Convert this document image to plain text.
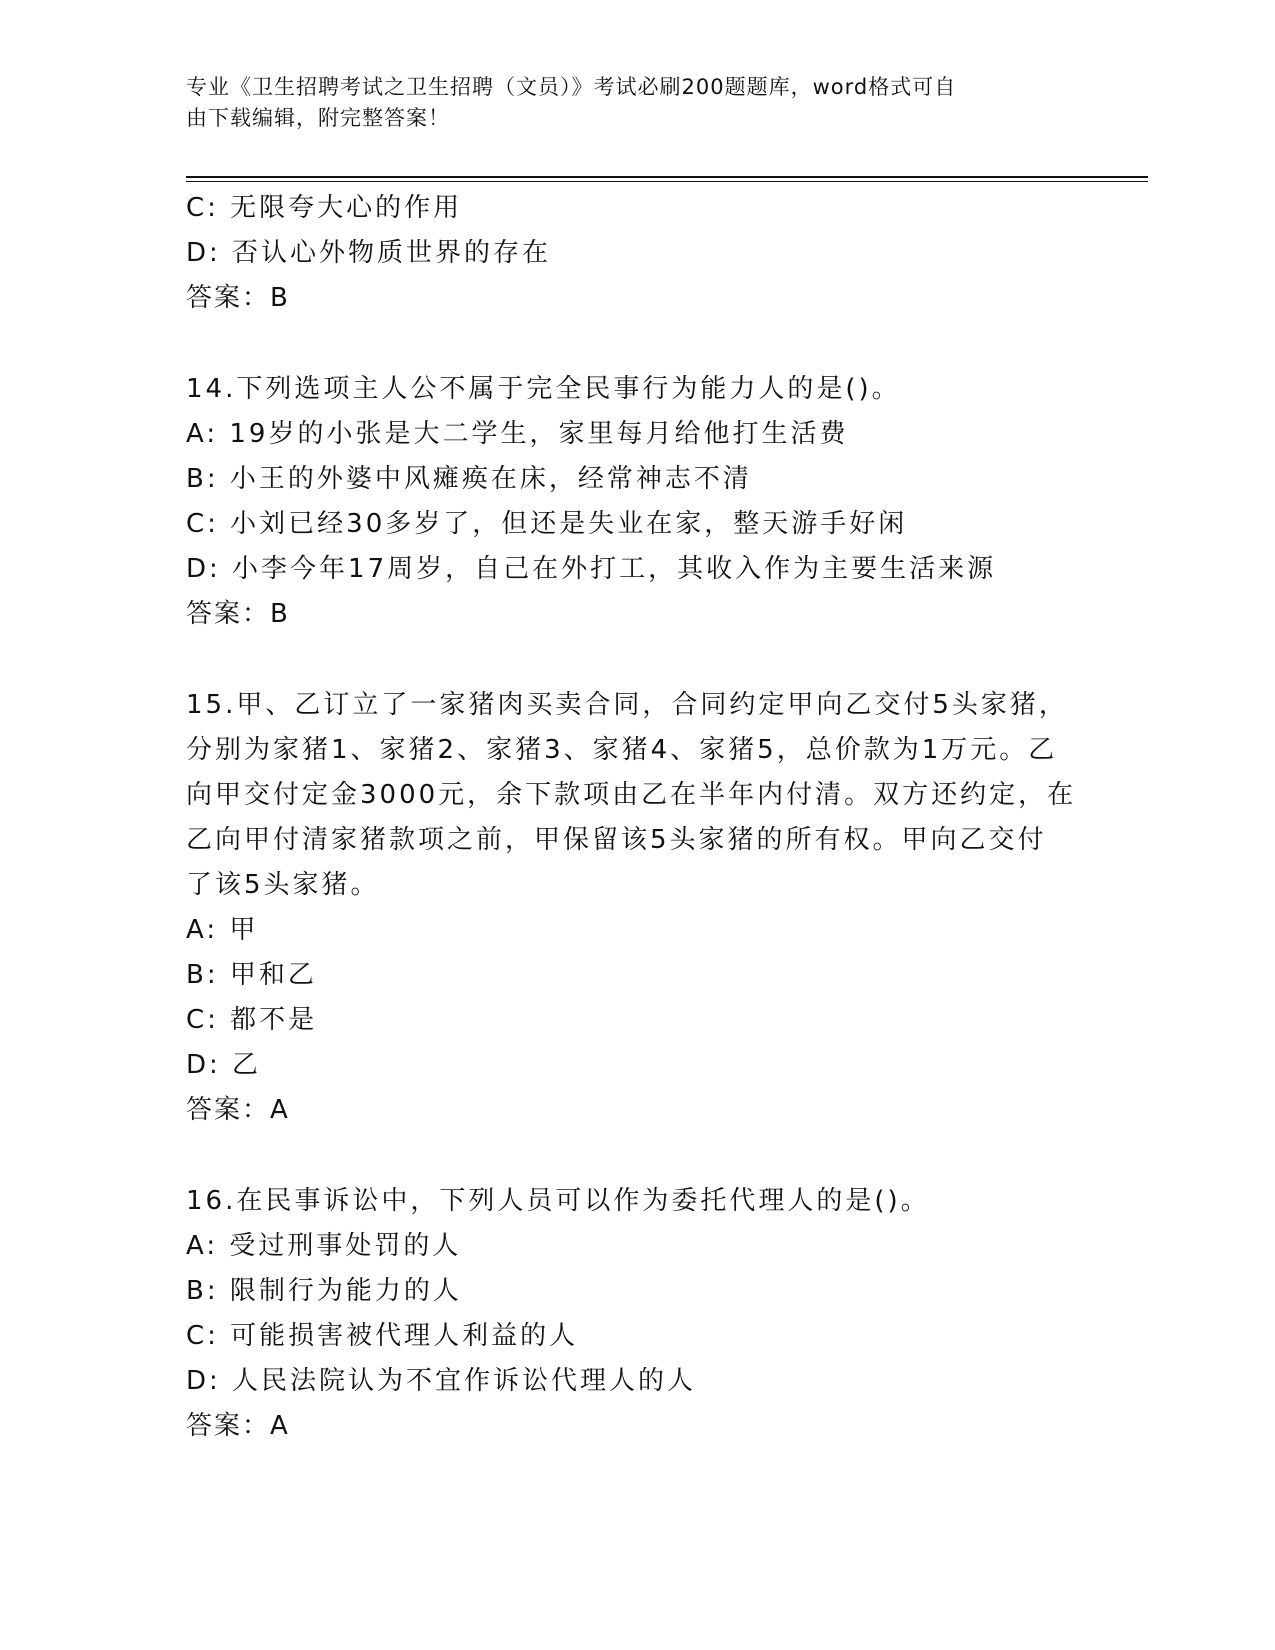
专业《卫生招聘考试之卫生招聘（文员）》考试必刷200题题库，word格式可自
由下载编辑，附完整答案！
C: 无限夸大心的作用
D: 否认心外物质世界的存在
答案：B
14.下列选项主人公不属于完全民事行为能力人的是()。
A: 19岁的小张是大二学生，家里每月给他打生活费
B: 小王的外婆中风瘫痪在床，经常神志不清
C: 小刘已经30多岁了，但还是失业在家，整天游手好闲
D: 小李今年17周岁，自己在外打工，其收入作为主要生活来源
答案：B
15.甲、乙订立了一家猪肉买卖合同，合同约定甲向乙交付5头家猪，
分别为家猪1、家猪2、家猪3、家猪4、家猪5，总价款为1万元。乙
向甲交付定金3000元，余下款项由乙在半年内付清。双方还约定，在
乙向甲付清家猪款项之前，甲保留该5头家猪的所有权。甲向乙交付
了该5头家猪。
A: 甲
B: 甲和乙
C: 都不是
D: 乙
答案：A
16.在民事诉讼中，下列人员可以作为委托代理人的是()。
A: 受过刑事处罚的人
B: 限制行为能力的人
C: 可能损害被代理人利益的人
D: 人民法院认为不宜作诉讼代理人的人
答案：A
